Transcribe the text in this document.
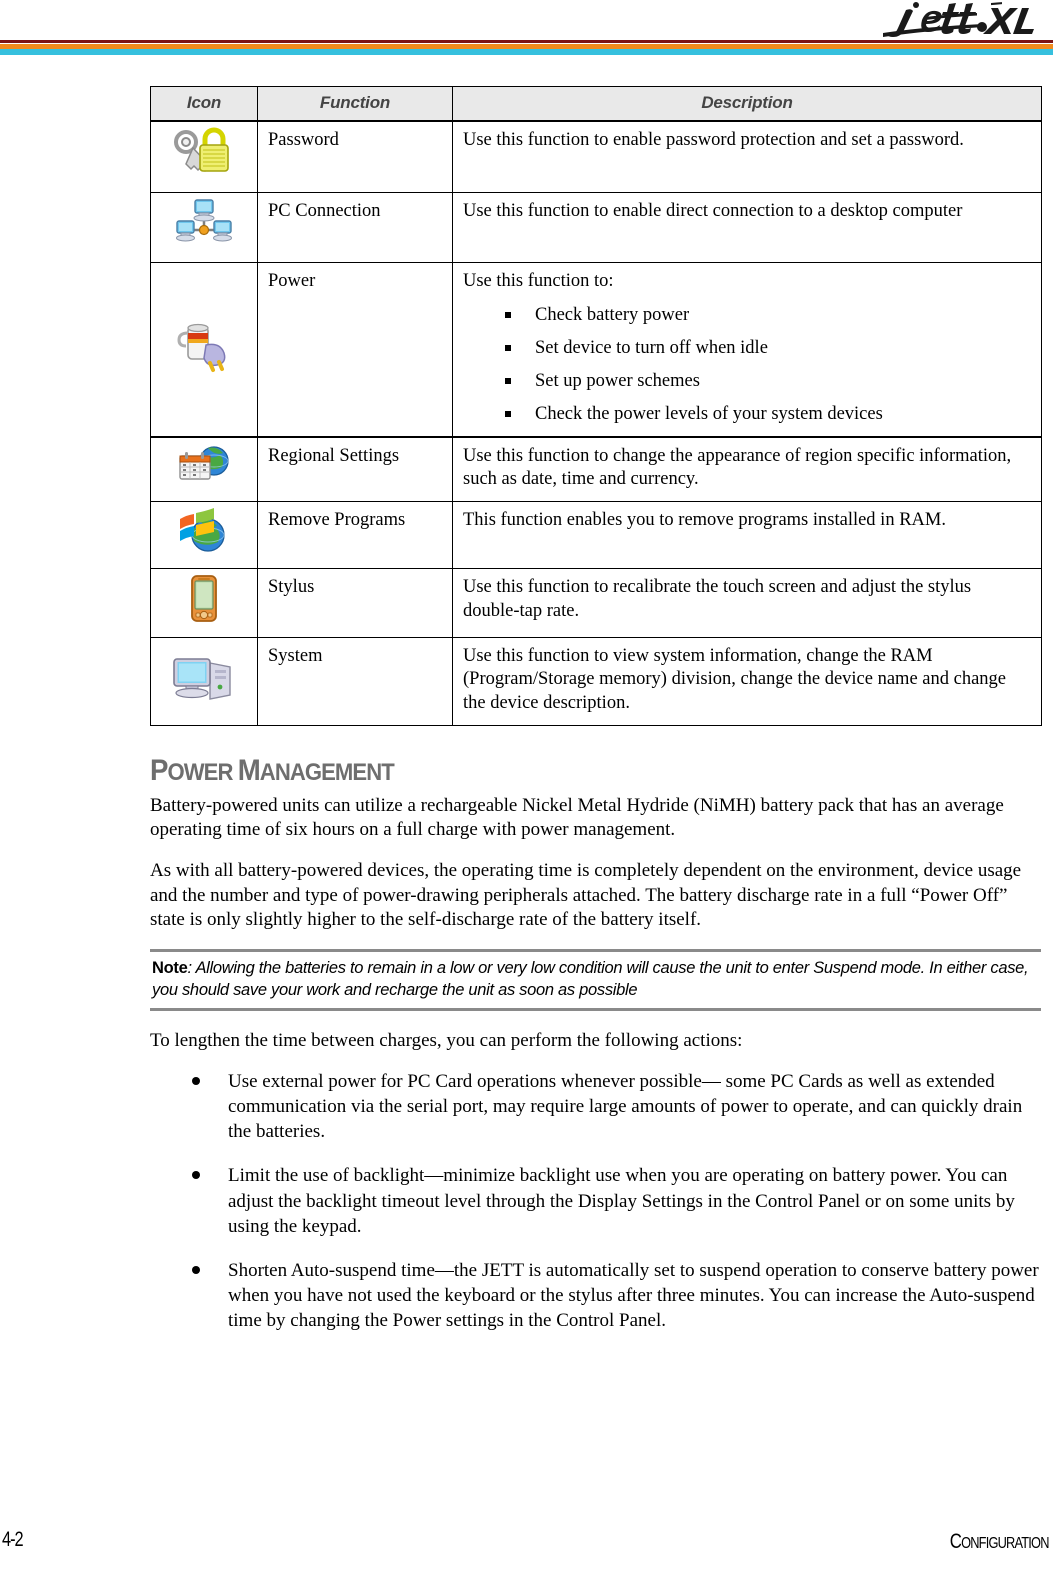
Icon	Function	Description
	Password	Use this function to enable password protection and set a password.
	PC Connection	Use this function to enable direct connection to a desktop computer
	Power	Use this function to:
Check battery power
Set device to turn off when idle
Set up power schemes
Check the power levels of your system devices

	Regional Settings	Use this function to change the appearance of region specific information, such as date, time and currency.
	Remove Programs	This function enables you to remove programs installed in RAM.

	Stylus	Use this function to recalibrate the touch screen and adjust the stylus double-tap rate.
	System	Use this function to view system information, change the RAM (Program/Storage memory) division, change the device name and change the device description.
POWER MANAGEMENT

Battery-powered units can utilize a rechargeable Nickel Metal Hydride (NiMH) battery pack that has an average operating time of six hours on a full charge with power management.

As with all battery-powered devices, the operating time is completely dependent on the environment, device usage and the number and type of power-drawing peripherals attached. The battery discharge rate in a full “Power Off” state is only slightly higher to the self-discharge rate of the battery itself.

Note: Allowing the batteries to remain in a low or very low condition will cause the unit to enter Suspend mode. In either case, you should save your work and recharge the unit as soon as possible

To lengthen the time between charges, you can perform the following actions:

Use external power for PC Card operations whenever possible— some PC Cards as well as extended communication via the serial port, may require large amounts of power to operate, and can quickly drain the batteries.
Limit the use of backlight—minimize backlight use when you are operating on battery power. You can adjust the backlight timeout level through the Display Settings in the Control Panel or on some units by using the keypad.
Shorten Auto-suspend time—the JETT is automatically set to suspend operation to conserve battery power when you have not used the keyboard or the stylus after three minutes. You can increase the Auto-suspend time by changing the Power settings in the Control Panel.
4-2	CONFIGURATION
